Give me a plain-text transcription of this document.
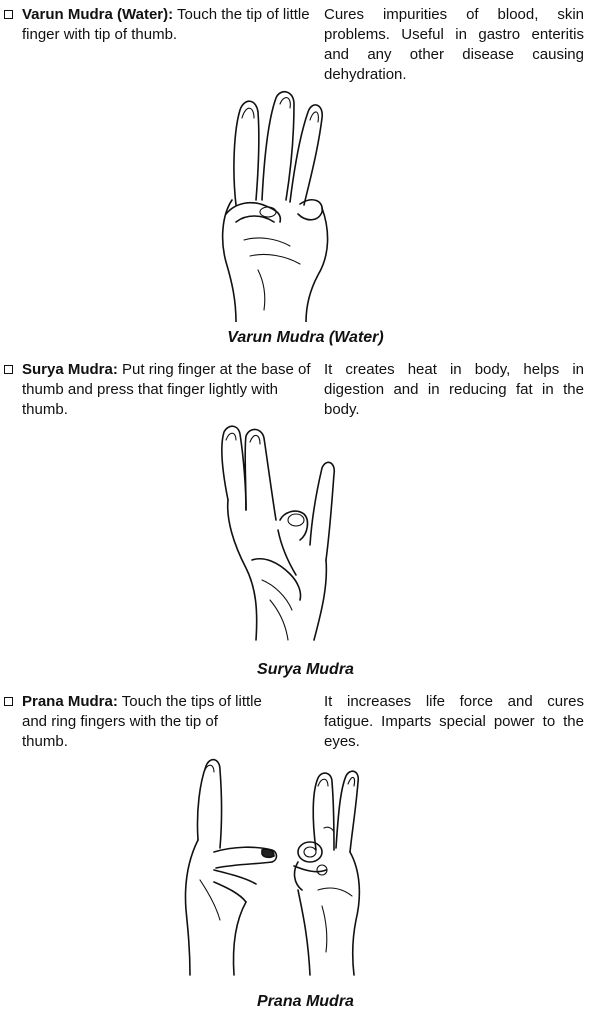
Varun Mudra (Water): Touch the tip of little finger with tip of thumb.
Cures impurities of blood, skin problems. Useful in gastro enteritis and any other disease causing dehydration.
Varun Mudra (Water)
Surya Mudra: Put ring finger at the base of thumb and press that finger lightly with thumb.
It creates heat in body, helps in digestion and in reducing fat in the body.
Surya Mudra
Prana Mudra: Touch the tips of little and ring fingers with the tip of thumb.
It increases life force and cures fatigue. Imparts special power to the eyes.
Prana Mudra
